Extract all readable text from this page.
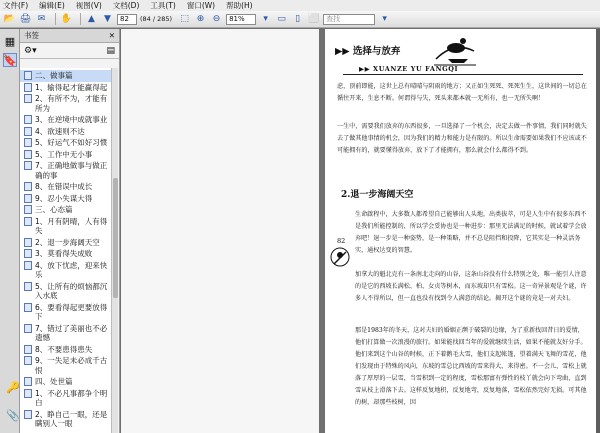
文件(F) 编辑(E) 视图(V) 文档(D) 工具(T) 窗口(W) 帮助(H)
📂 🖨 ✉	✋	▲	▼	82	(84 / 285) ⬚ ⊕ ⊖	81%	▾	▭	▯ ⬜ 查找	▾
▦
🔖
🔑
📎
书签	✕
⚙▾	▤
二、做事篇
1、输得起才能赢得起
2、有所不为，才能有所为
3、在逆境中成就事业
4、欲速则不达
5、好运气不如好习惯
5、工作中无小事
7、正确地做事与做正确的事
8、在错误中成长
9、忍小失谋大得
三、心态篇
1、月有阴晴，人有得失
2、退一步海阔天空
3、莫看得失成败
4、放下忧虑，迎来快乐
5、让所有的烦恼都沉入水底
6、要看得起更要放得下
7、错过了美丽也不必遗憾
8、不要患得患失
9、一失足未必成千古恨
四、处世篇
1、不必凡事都争个明白
2、睁自己一眼，还是瞒别人一眼
▶▶ 选择与放弃
▶▶ XUANZE YU FANGQI
虑，顶前即能，这世上总有晴晴与阴雨的地方；又正如生死死、死死生生，这世间的一切总在循往开来，生息不断。何谓得与失，死头来都本就一无所有，也一无所失啊！
一生中，需要我们放弃的东西很多，一旦选择了一个机会，决定去做一件事情，我们同时就失去了做其他事情的机会，因为我们的精力和能力是有限的。所以生命需要如果我们不应该或不可能拥有的，就要懂得放弃，放下了才能拥有，那么就会什么都得不到。
2.退一步海阔天空
生命啟程中，大多数人都希望自己能够出人头地，出类拔萃，可是人生中有很多东西不是我们所能控制的，所以学会妥协也是一种进步：那里无法满足的时候，就试着学会放弃吧！退一步是一种姿势，是一种策略，并不总是阻挡和投降，它其实是一种灵活务实，通权达变的智慧。
加拿大的魁北克有一条南北走向的山谷，这条山谷没有什么特别之处，唯一能引人注意的是它的西坡长满松、柏、女贞等树木，而东坡却只有雪松。这一奇异景观是个谜，许多人不得所以，但一直也没有找到令人满意的结论。揭开这个谜的竟是一对夫妇。
那是1983年的冬天，这对夫妇的婚姻正濒于破裂的边缘，为了重新找回昔日的爱情，他们打算做一次浪漫的旅行。如果能找回当年的爱就继续生活，如果不能就友好分手。他们来到这个山谷的时候，正下着鹅毛大雪，他们支起帐篷，望着满天飞舞的雪花，他们发现由于特殊的风向，东坡的雪总比西坡的雪来得大、来得密。不一会儿，雪松上就落了厚厚的一层雪，当雪积到一定的程度，雪松那富有弹性的枝丫就会向下弯曲，直到雪从枝上滑落下去。这样反复地积，反复地弯，反复地落，雪松依然完好无损。可其他的树，却那些枝树，因
82
